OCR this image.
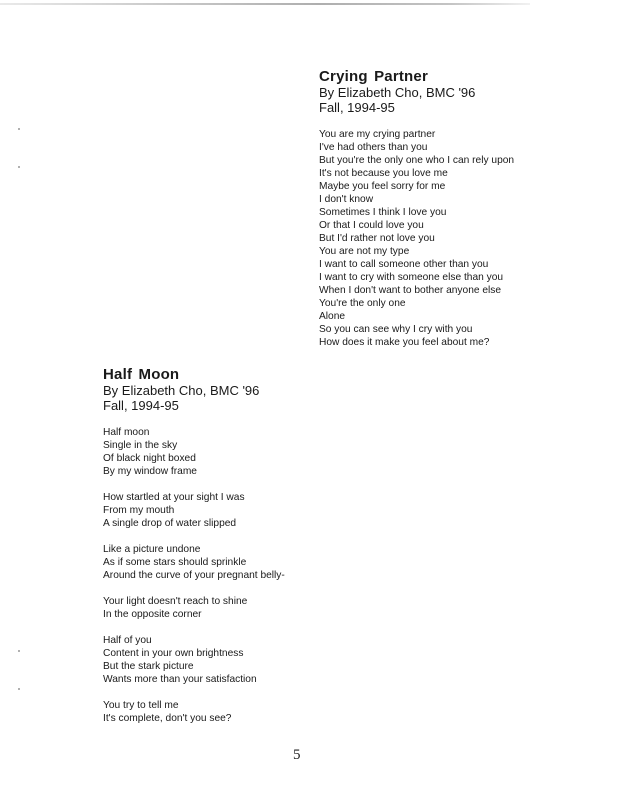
Crying Partner
By Elizabeth Cho, BMC '96
Fall, 1994-95
You are my crying partner
I've had others than you
But you're the only one who I can rely upon
It's not because you love me
Maybe you feel sorry for me
I don't know
Sometimes I think I love you
Or that I could love you
But I'd rather not love you
You are not my type
I want to call someone other than you
I want to cry with someone else than you
When I don't want to bother anyone else
You're the only one
Alone
So you can see why I cry with you
How does it make you feel about me?
Half Moon
By Elizabeth Cho, BMC '96
Fall, 1994-95
Half moon
Single in the sky
Of black night boxed
By my window frame
How startled at your sight I was
From my mouth
A single drop of water slipped
Like a picture undone
As if some stars should sprinkle
Around the curve of your pregnant belly-
Your light doesn't reach to shine
In the opposite corner
Half of you
Content in your own brightness
But the stark picture
Wants more than your satisfaction
You try to tell me
It's complete, don't you see?
5
